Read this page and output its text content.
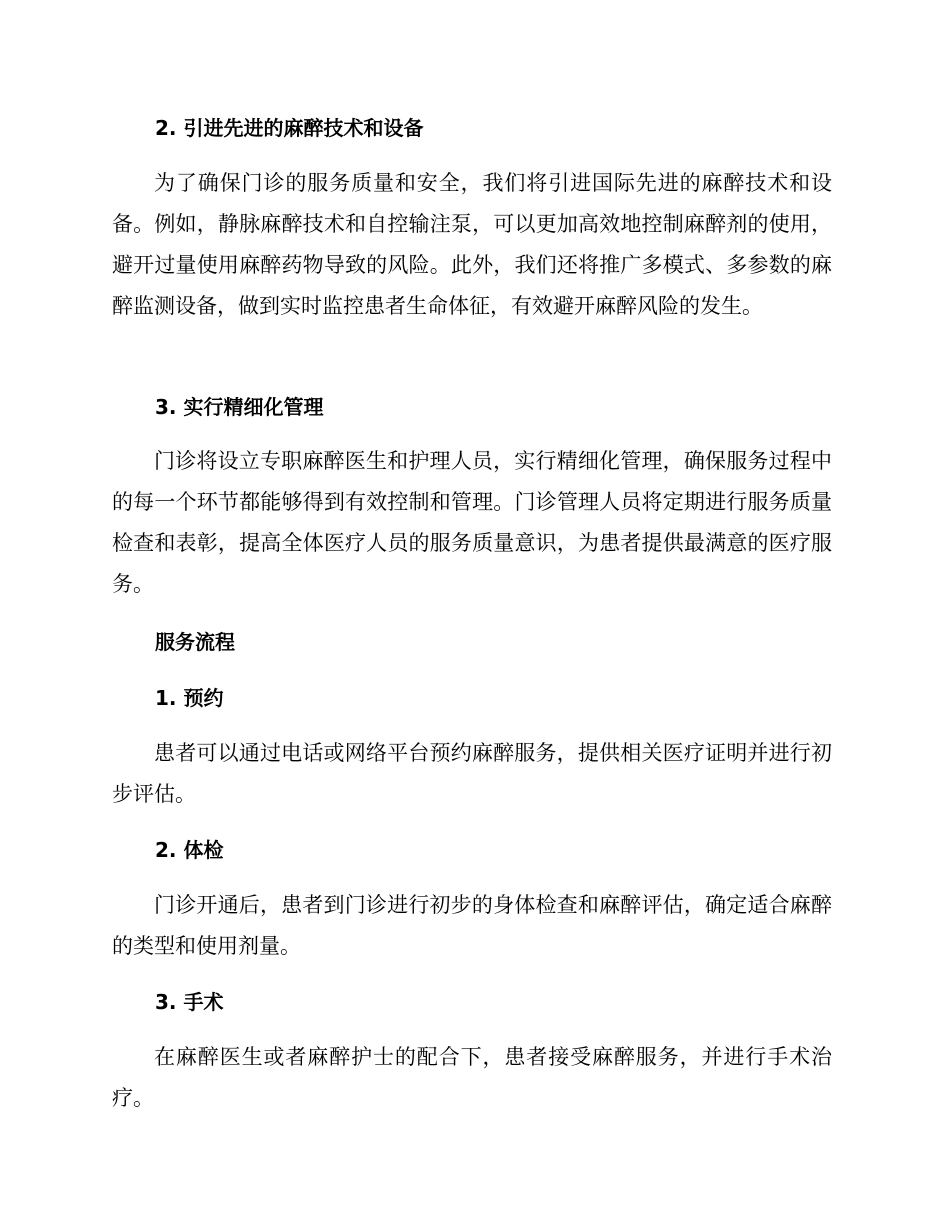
2. 引进先进的麻醉技术和设备

为了确保门诊的服务质量和安全，我们将引进国际先进的麻醉技术和设备。例如，静脉麻醉技术和自控输注泵，可以更加高效地控制麻醉剂的使用，避开过量使用麻醉药物导致的风险。此外，我们还将推广多模式、多参数的麻醉监测设备，做到实时监控患者生命体征，有效避开麻醉风险的发生。

3. 实行精细化管理

门诊将设立专职麻醉医生和护理人员，实行精细化管理，确保服务过程中的每一个环节都能够得到有效控制和管理。门诊管理人员将定期进行服务质量检查和表彰，提高全体医疗人员的服务质量意识，为患者提供最满意的医疗服务。

服务流程
1. 预约

患者可以通过电话或网络平台预约麻醉服务，提供相关医疗证明并进行初步评估。

2. 体检

门诊开通后，患者到门诊进行初步的身体检查和麻醉评估，确定适合麻醉的类型和使用剂量。

3. 手术

在麻醉医生或者麻醉护士的配合下，患者接受麻醉服务，并进行手术治疗。
